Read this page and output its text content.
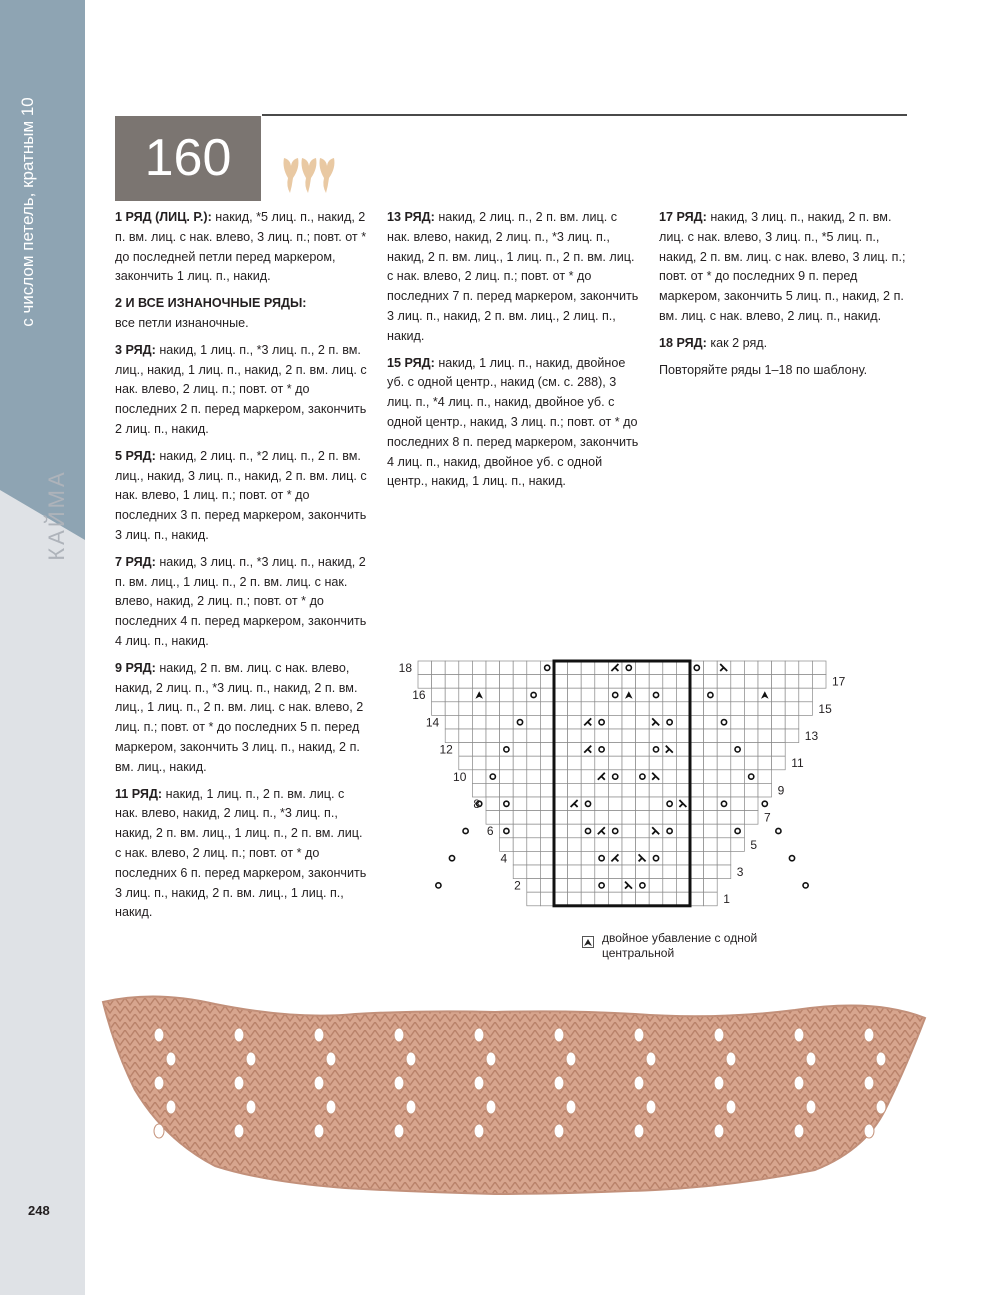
с числом петель, кратным 10
КАЙМА
248
160

1 РЯД (ЛИЦ. Р.): накид, *5 лиц. п., накид, 2 п. вм. лиц. с нак. влево, 3 лиц. п.; повт. от * до последней петли перед маркером, закончить 1 лиц. п., накид.

2 И ВСЕ ИЗНАНОЧНЫЕ РЯДЫ:
все петли изнаночные.

3 РЯД: накид, 1 лиц. п., *3 лиц. п., 2 п. вм. лиц., накид, 1 лиц. п., накид, 2 п. вм. лиц. с нак. влево, 2 лиц. п.; повт. от * до последних 2 п. перед маркером, закончить 2 лиц. п., накид.

5 РЯД: накид, 2 лиц. п., *2 лиц. п., 2 п. вм. лиц., накид, 3 лиц. п., накид, 2 п. вм. лиц. с нак. влево, 1 лиц. п.; повт. от * до последних 3 п. перед маркером, закончить 3 лиц. п., накид.

7 РЯД: накид, 3 лиц. п., *3 лиц. п., накид, 2 п. вм. лиц., 1 лиц. п., 2 п. вм. лиц. с нак. влево, накид, 2 лиц. п.; повт. от * до последних 4 п. перед маркером, закончить 4 лиц. п., накид.

9 РЯД: накид, 2 п. вм. лиц. с нак. влево, накид, 2 лиц. п., *3 лиц. п., накид, 2 п. вм. лиц., 1 лиц. п., 2 п. вм. лиц. с нак. влево, 2 лиц. п.; повт. от * до последних 5 п. перед маркером, закончить 3 лиц. п., накид, 2 п. вм. лиц., накид.

11 РЯД: накид, 1 лиц. п., 2 п. вм. лиц. с нак. влево, накид, 2 лиц. п., *3 лиц. п., накид, 2 п. вм. лиц., 1 лиц. п., 2 п. вм. лиц. с нак. влево, 2 лиц. п.; повт. от * до последних 6 п. перед маркером, закончить 3 лиц. п., накид, 2 п. вм. лиц., 1 лиц. п., накид.

13 РЯД: накид, 2 лиц. п., 2 п. вм. лиц. с нак. влево, накид, 2 лиц. п., *3 лиц. п., накид, 2 п. вм. лиц., 1 лиц. п., 2 п. вм. лиц. с нак. влево, 2 лиц. п.; повт. от * до последних 7 п. перед маркером, закончить 3 лиц. п., накид, 2 п. вм. лиц., 2 лиц. п., накид.

15 РЯД: накид, 1 лиц. п., накид, двойное уб. с одной центр., накид (см. с. 288), 3 лиц. п., *4 лиц. п., накид, двойное уб. с одной центр., накид, 3 лиц. п.; повт. от * до последних 8 п. перед маркером, закончить 4 лиц. п., накид, двойное уб. с одной центр., накид, 1 лиц. п., накид.

17 РЯД: накид, 3 лиц. п., накид, 2 п. вм. лиц. с нак. влево, 3 лиц. п., *5 лиц. п., накид, 2 п. вм. лиц. с нак. влево, 3 лиц. п.; повт. от * до последних 9 п. перед маркером, закончить 5 лиц. п., накид, 2 п. вм. лиц. с нак. влево, 2 лиц. п., накид.

18 РЯД: как 2 ряд.

Повторяйте ряды 1–18 по шаблону.

18
16
14
12
10
8
6
4
2
17
15
13
11
9
7
5
3
1
двойное убавление с одной центральной
